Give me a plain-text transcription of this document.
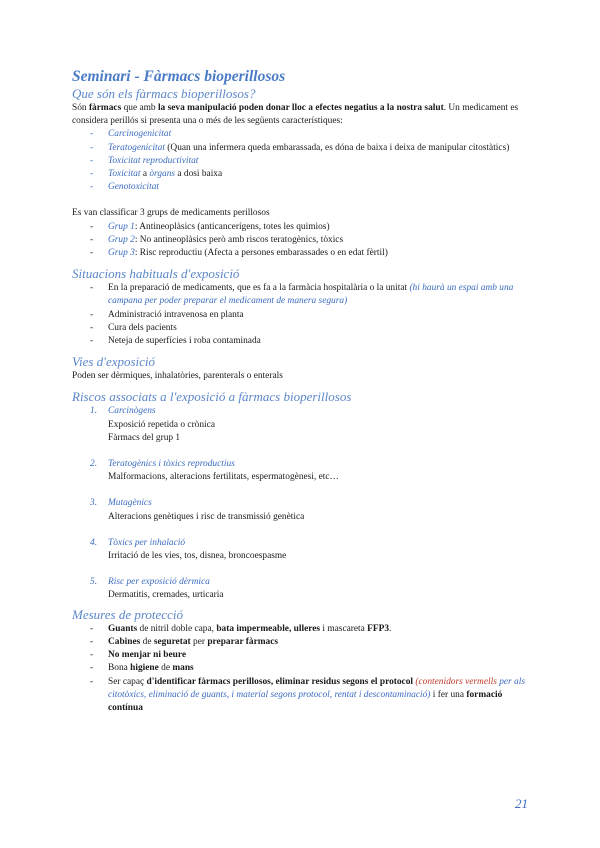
Seminari - Fàrmacs bioperillosos
Que són els fàrmacs bioperillosos?

Són fàrmacs que amb la seva manipulació poden donar lloc a efectes negatius a la nostra salut. Un medicament es considera perillós si presenta una o més de les següents característiques:

- Carcinogenicitat
- Teratogenicitat (Quan una infermera queda embarassada, es dóna de baixa i deixa de manipular citostàtics)
- Toxicitat reproductivitat
- Toxicitat a òrgans a dosi baixa
- Genotoxicitat

Es van classificar 3 grups de medicaments perillosos

- Grup 1: Antineoplàsics (anticancerígens, totes les quimios)
- Grup 2: No antineoplàsics però amb riscos teratogènics, tòxics
- Grup 3: Risc reproductiu (Afecta a persones embarassades o en edat fèrtil)
Situacions habituals d'exposició
- En la preparació de medicaments, que es fa a la farmàcia hospitalària o la unitat (hi haurà un espai amb una campana per poder preparar el medicament de manera segura)
- Administració intravenosa en planta
- Cura dels pacients
- Neteja de superfícies i roba contaminada
Vies d'exposició

Poden ser dèrmiques, inhalatòries, parenterals o enterals

Riscos associats a l'exposició a fàrmacs bioperillosos
1. Carcinògens
Exposició repetida o crònica
Fàrmacs del grup 1
2. Teratogènics i tòxics reproductius
Malformacions, alteracions fertilitats, espermatogènesi, etc…
3. Mutagènics
Alteracions genètiques i risc de transmissió genètica
4. Tòxics per inhalació
Irritació de les vies, tos, disnea, broncoespasme
5. Risc per exposició dèrmica
Dermatitis, cremades, urticaria
Mesures de protecció
- Guants de nitril doble capa, bata impermeable, ulleres i mascareta FFP3.
- Cabines de seguretat per preparar fàrmacs
- No menjar ni beure
- Bona higiene de mans
- Ser capaç d'identificar fàrmacs perillosos, eliminar residus segons el protocol (contenidors vermells per als citotòxics, eliminació de guants, i material segons protocol, rentat i descontaminació) i fer una formació contínua
21
